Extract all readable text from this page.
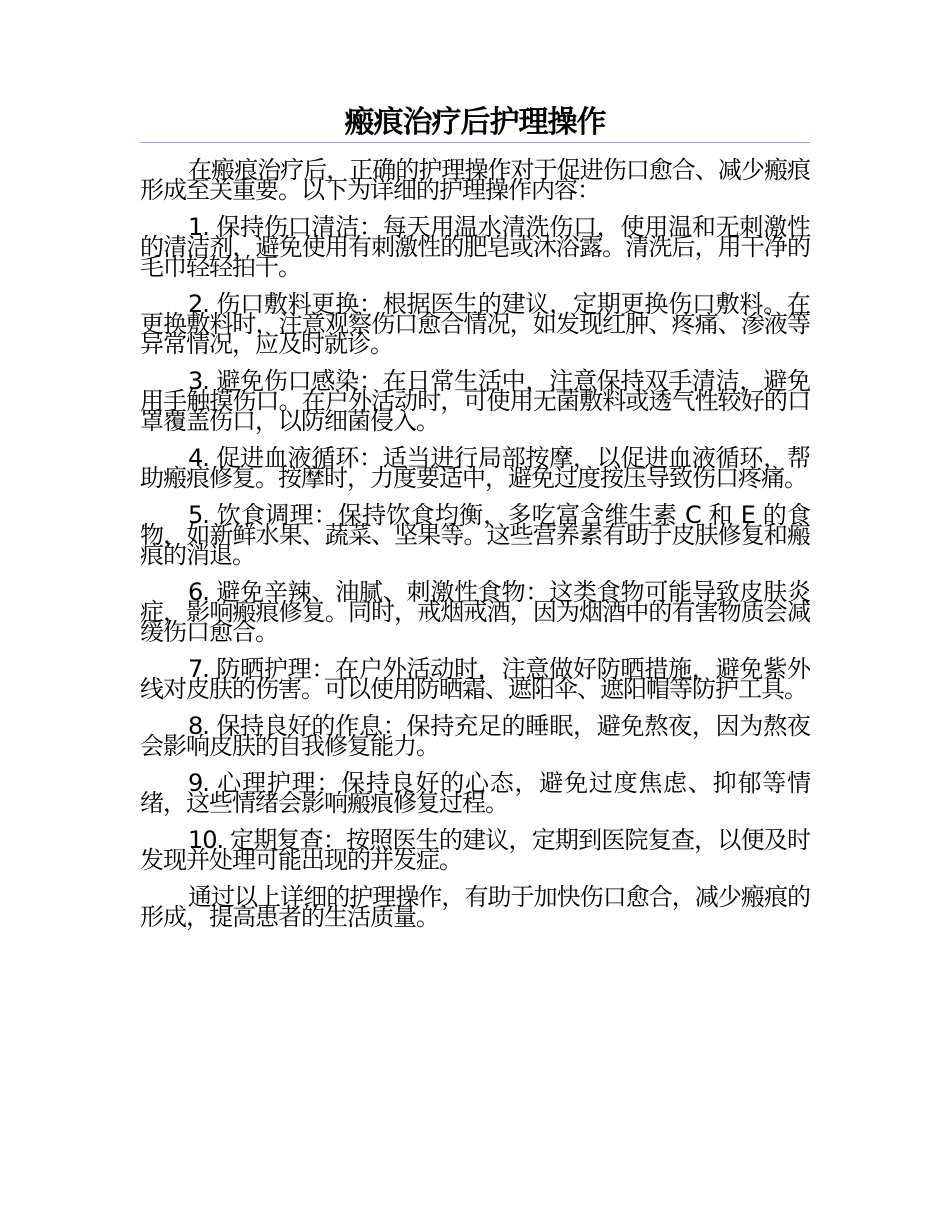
瘢痕治疗后护理操作

在瘢痕治疗后，正确的护理操作对于促进伤口愈合、减少瘢痕形成至关重要。以下为详细的护理操作内容：

1. 保持伤口清洁：每天用温水清洗伤口，使用温和无刺激性的清洁剂，避免使用有刺激性的肥皂或沐浴露。清洗后，用干净的毛巾轻轻拍干。

2. 伤口敷料更换：根据医生的建议，定期更换伤口敷料。在更换敷料时，注意观察伤口愈合情况，如发现红肿、疼痛、渗液等异常情况，应及时就诊。

3. 避免伤口感染：在日常生活中，注意保持双手清洁，避免用手触摸伤口。在户外活动时，可使用无菌敷料或透气性较好的口罩覆盖伤口，以防细菌侵入。

4. 促进血液循环：适当进行局部按摩，以促进血液循环，帮助瘢痕修复。按摩时，力度要适中，避免过度按压导致伤口疼痛。

5. 饮食调理：保持饮食均衡，多吃富含维生素 C 和 E 的食物，如新鲜水果、蔬菜、坚果等。这些营养素有助于皮肤修复和瘢痕的消退。

6. 避免辛辣、油腻、刺激性食物：这类食物可能导致皮肤炎症，影响瘢痕修复。同时，戒烟戒酒，因为烟酒中的有害物质会减缓伤口愈合。

7. 防晒护理：在户外活动时，注意做好防晒措施，避免紫外线对皮肤的伤害。可以使用防晒霜、遮阳伞、遮阳帽等防护工具。

8. 保持良好的作息：保持充足的睡眠，避免熬夜，因为熬夜会影响皮肤的自我修复能力。

9. 心理护理：保持良好的心态，避免过度焦虑、抑郁等情绪，这些情绪会影响瘢痕修复过程。

10. 定期复查：按照医生的建议，定期到医院复查，以便及时发现并处理可能出现的并发症。

通过以上详细的护理操作，有助于加快伤口愈合，减少瘢痕的形成，提高患者的生活质量。
